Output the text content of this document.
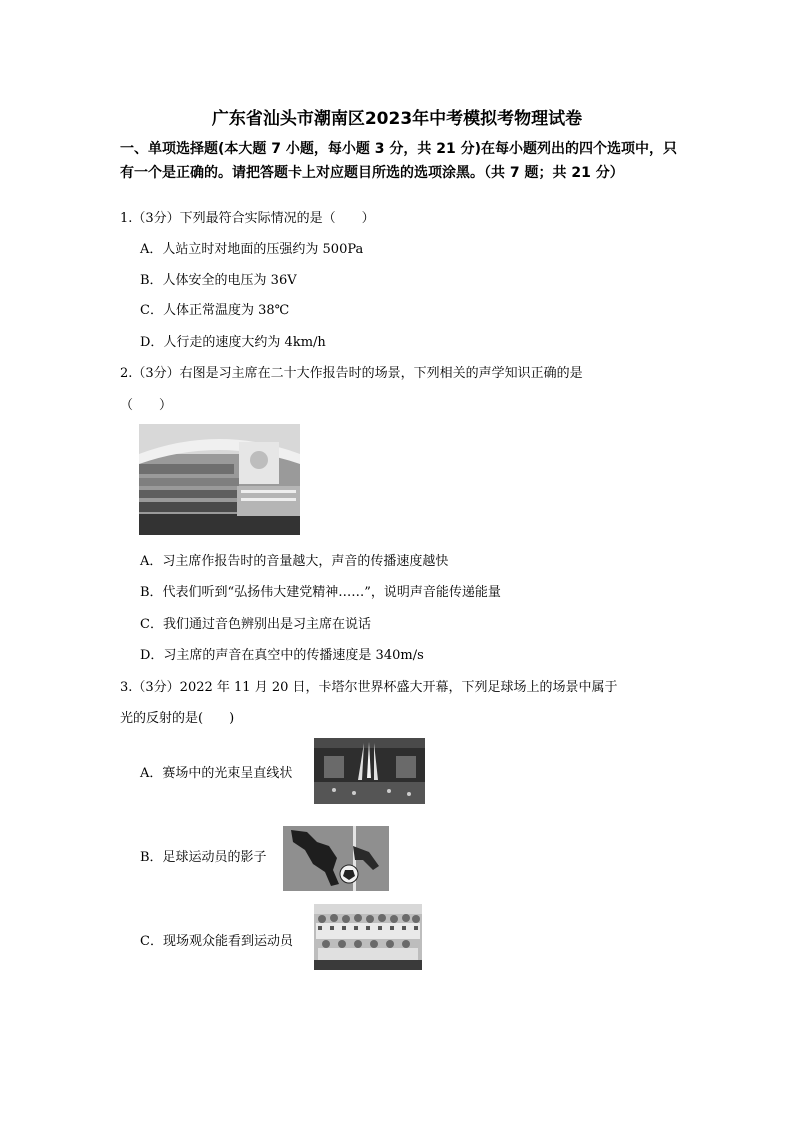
广东省汕头市潮南区2023年中考模拟考物理试卷
一、单项选择题(本大题 7 小题，每小题 3 分，共 21 分)在每小题列出的四个选项中，只有一个是正确的。请把答题卡上对应题目所选的选项涂黑。（共 7 题；共 21 分）
1.（3分）下列最符合实际情况的是（　　）
A．人站立时对地面的压强约为 500Pa
B．人体安全的电压为 36V
C．人体正常温度为 38℃
D．人行走的速度大约为 4km/h
2.（3分）右图是习主席在二十大作报告时的场景，下列相关的声学知识正确的是
（　　）
A．习主席作报告时的音量越大，声音的传播速度越快
B．代表们听到“弘扬伟大建党精神……”，说明声音能传递能量
C．我们通过音色辨别出是习主席在说话
D．习主席的声音在真空中的传播速度是 340m/s
3.（3分）2022 年 11 月 20 日，卡塔尔世界杯盛大开幕，下列足球场上的场景中属于
光的反射的是(　　)
A．赛场中的光束呈直线状
B．足球运动员的影子
C．现场观众能看到运动员
